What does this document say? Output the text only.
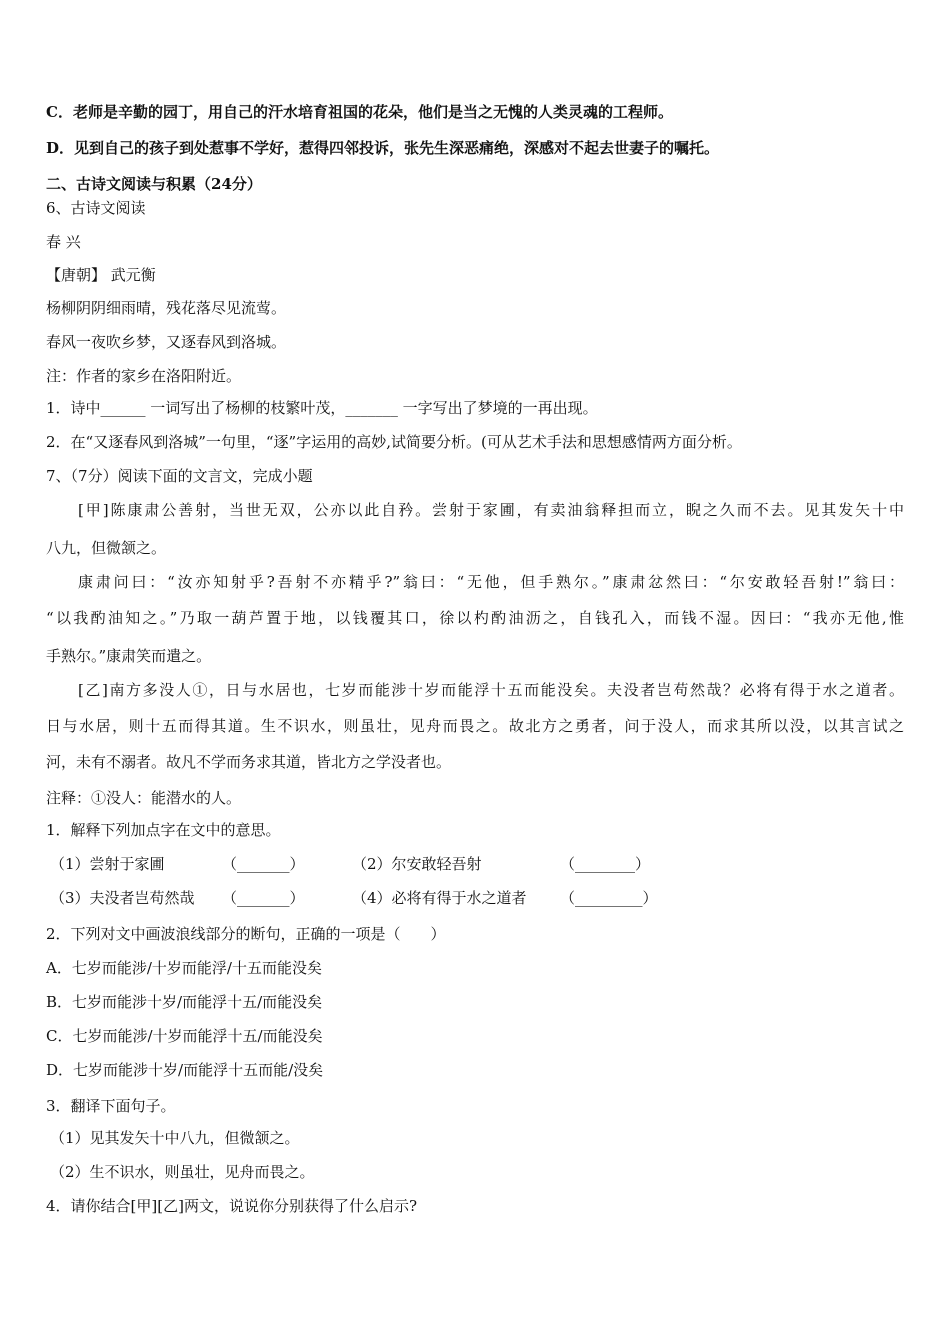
C．老师是辛勤的园丁，用自己的汗水培育祖国的花朵，他们是当之无愧的人类灵魂的工程师。
D．见到自己的孩子到处惹事不学好，惹得四邻投诉，张先生深恶痛绝，深感对不起去世妻子的嘱托。
二、古诗文阅读与积累（24分）
6、古诗文阅读
春 兴
【唐朝】 武元衡
杨柳阴阴细雨晴，残花落尽见流莺。
春风一夜吹乡梦，又逐春风到洛城。
注：作者的家乡在洛阳附近。
1．诗中______ 一词写出了杨柳的枝繁叶茂，_______ 一字写出了梦境的一再出现。
2．在“又逐春风到洛城”一句里，“逐”字运用的高妙,试简要分析。(可从艺术手法和思想感情两方面分析。
7、（7分）阅读下面的文言文，完成小题
[甲]陈康肃公善射，当世无双，公亦以此自矜。尝射于家圃，有卖油翁释担而立，睨之久而不去。见其发矢十中
八九，但微颔之。
康肃问曰：“汝亦知射乎?吾射不亦精乎?”翁曰：“无他，但手熟尔。”康肃忿然曰：“尔安敢轻吾射!”翁曰：
“以我酌油知之。”乃取一葫芦置于地，以钱覆其口，徐以杓酌油沥之，自钱孔入，而钱不湿。因曰：“我亦无他,惟
手熟尔。”康肃笑而遣之。
[乙]南方多没人①，日与水居也，七岁而能涉十岁而能浮十五而能没矣。夫没者岂苟然哉？必将有得于水之道者。
日与水居，则十五而得其道。生不识水，则虽壮，见舟而畏之。故北方之勇者，问于没人，而求其所以没，以其言试之
河，未有不溺者。故凡不学而务求其道，皆北方之学没者也。
注释：①没人：能潜水的人。
1．解释下列加点字在文中的意思。
（1）尝射于家圃	（_______）	（2）尔安敢轻吾射	（________）
（3）夫没者岂苟然哉 （_______）	（4）必将有得于水之道者 （_________）
2．下列对文中画波浪线部分的断句，正确的一项是（　　）
A．七岁而能涉/十岁而能浮/十五而能没矣
B．七岁而能涉十岁/而能浮十五/而能没矣
C．七岁而能涉/十岁而能浮十五/而能没矣
D．七岁而能涉十岁/而能浮十五而能/没矣
3．翻译下面句子。
（1）见其发矢十中八九，但微颔之。
（2）生不识水，则虽壮，见舟而畏之。
4．请你结合[甲][乙]两文，说说你分别获得了什么启示?
